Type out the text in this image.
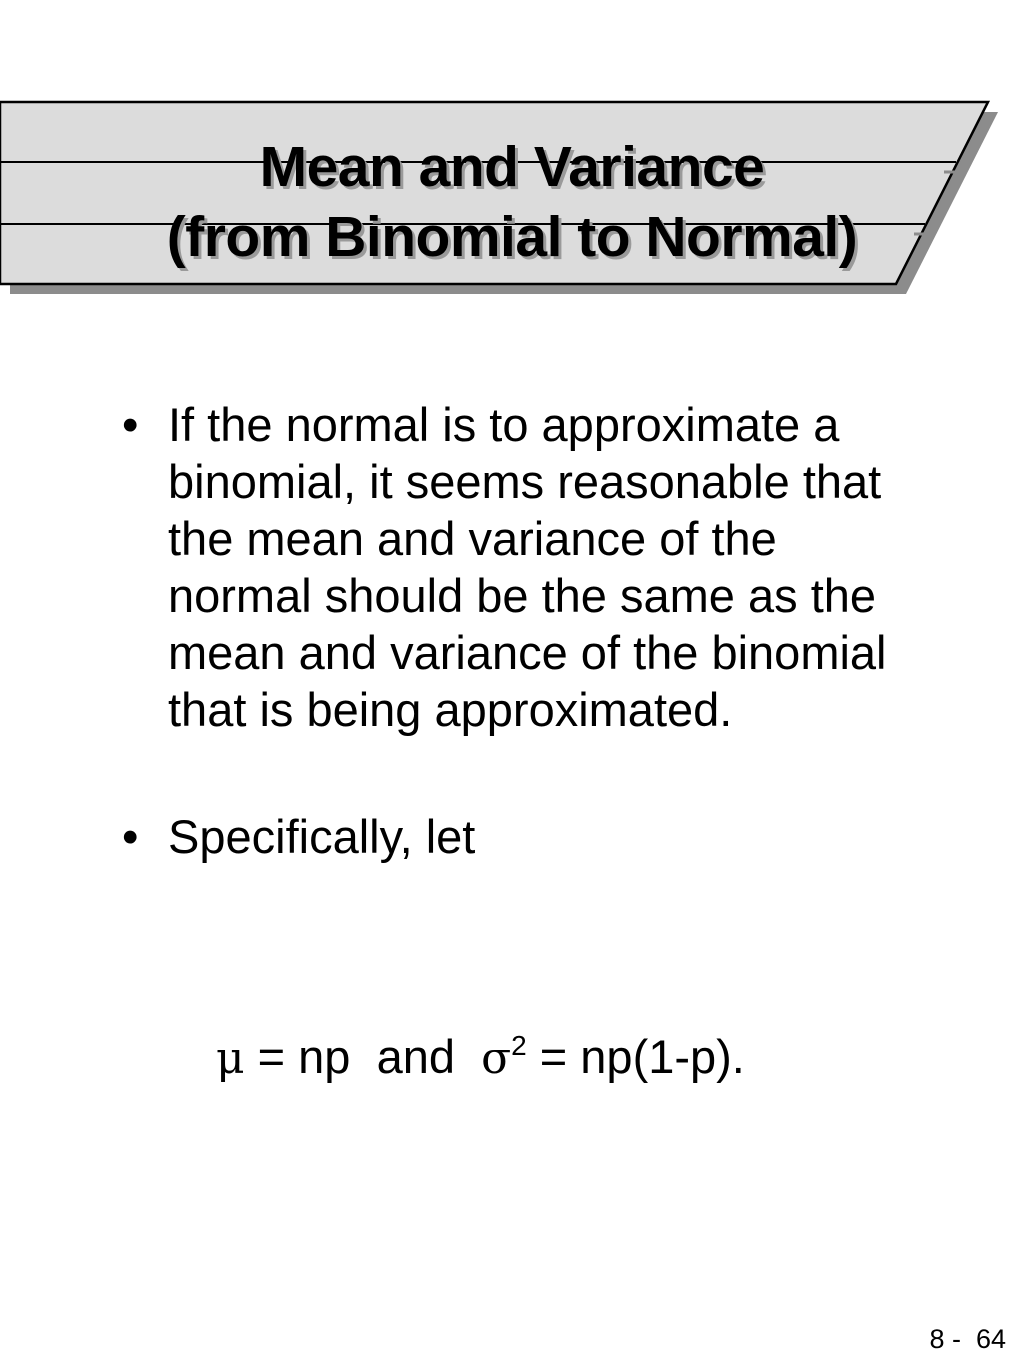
Mean and Variance
(from Binomial to Normal)
• If the normal is to approximate a binomial, it seems reasonable that the mean and variance of the normal should be the same as the mean and variance of the binomial that is being approximated.
• Specifically, let
μ = np  and  $\sigma^2 = np(1-p)$.
8 -  64
